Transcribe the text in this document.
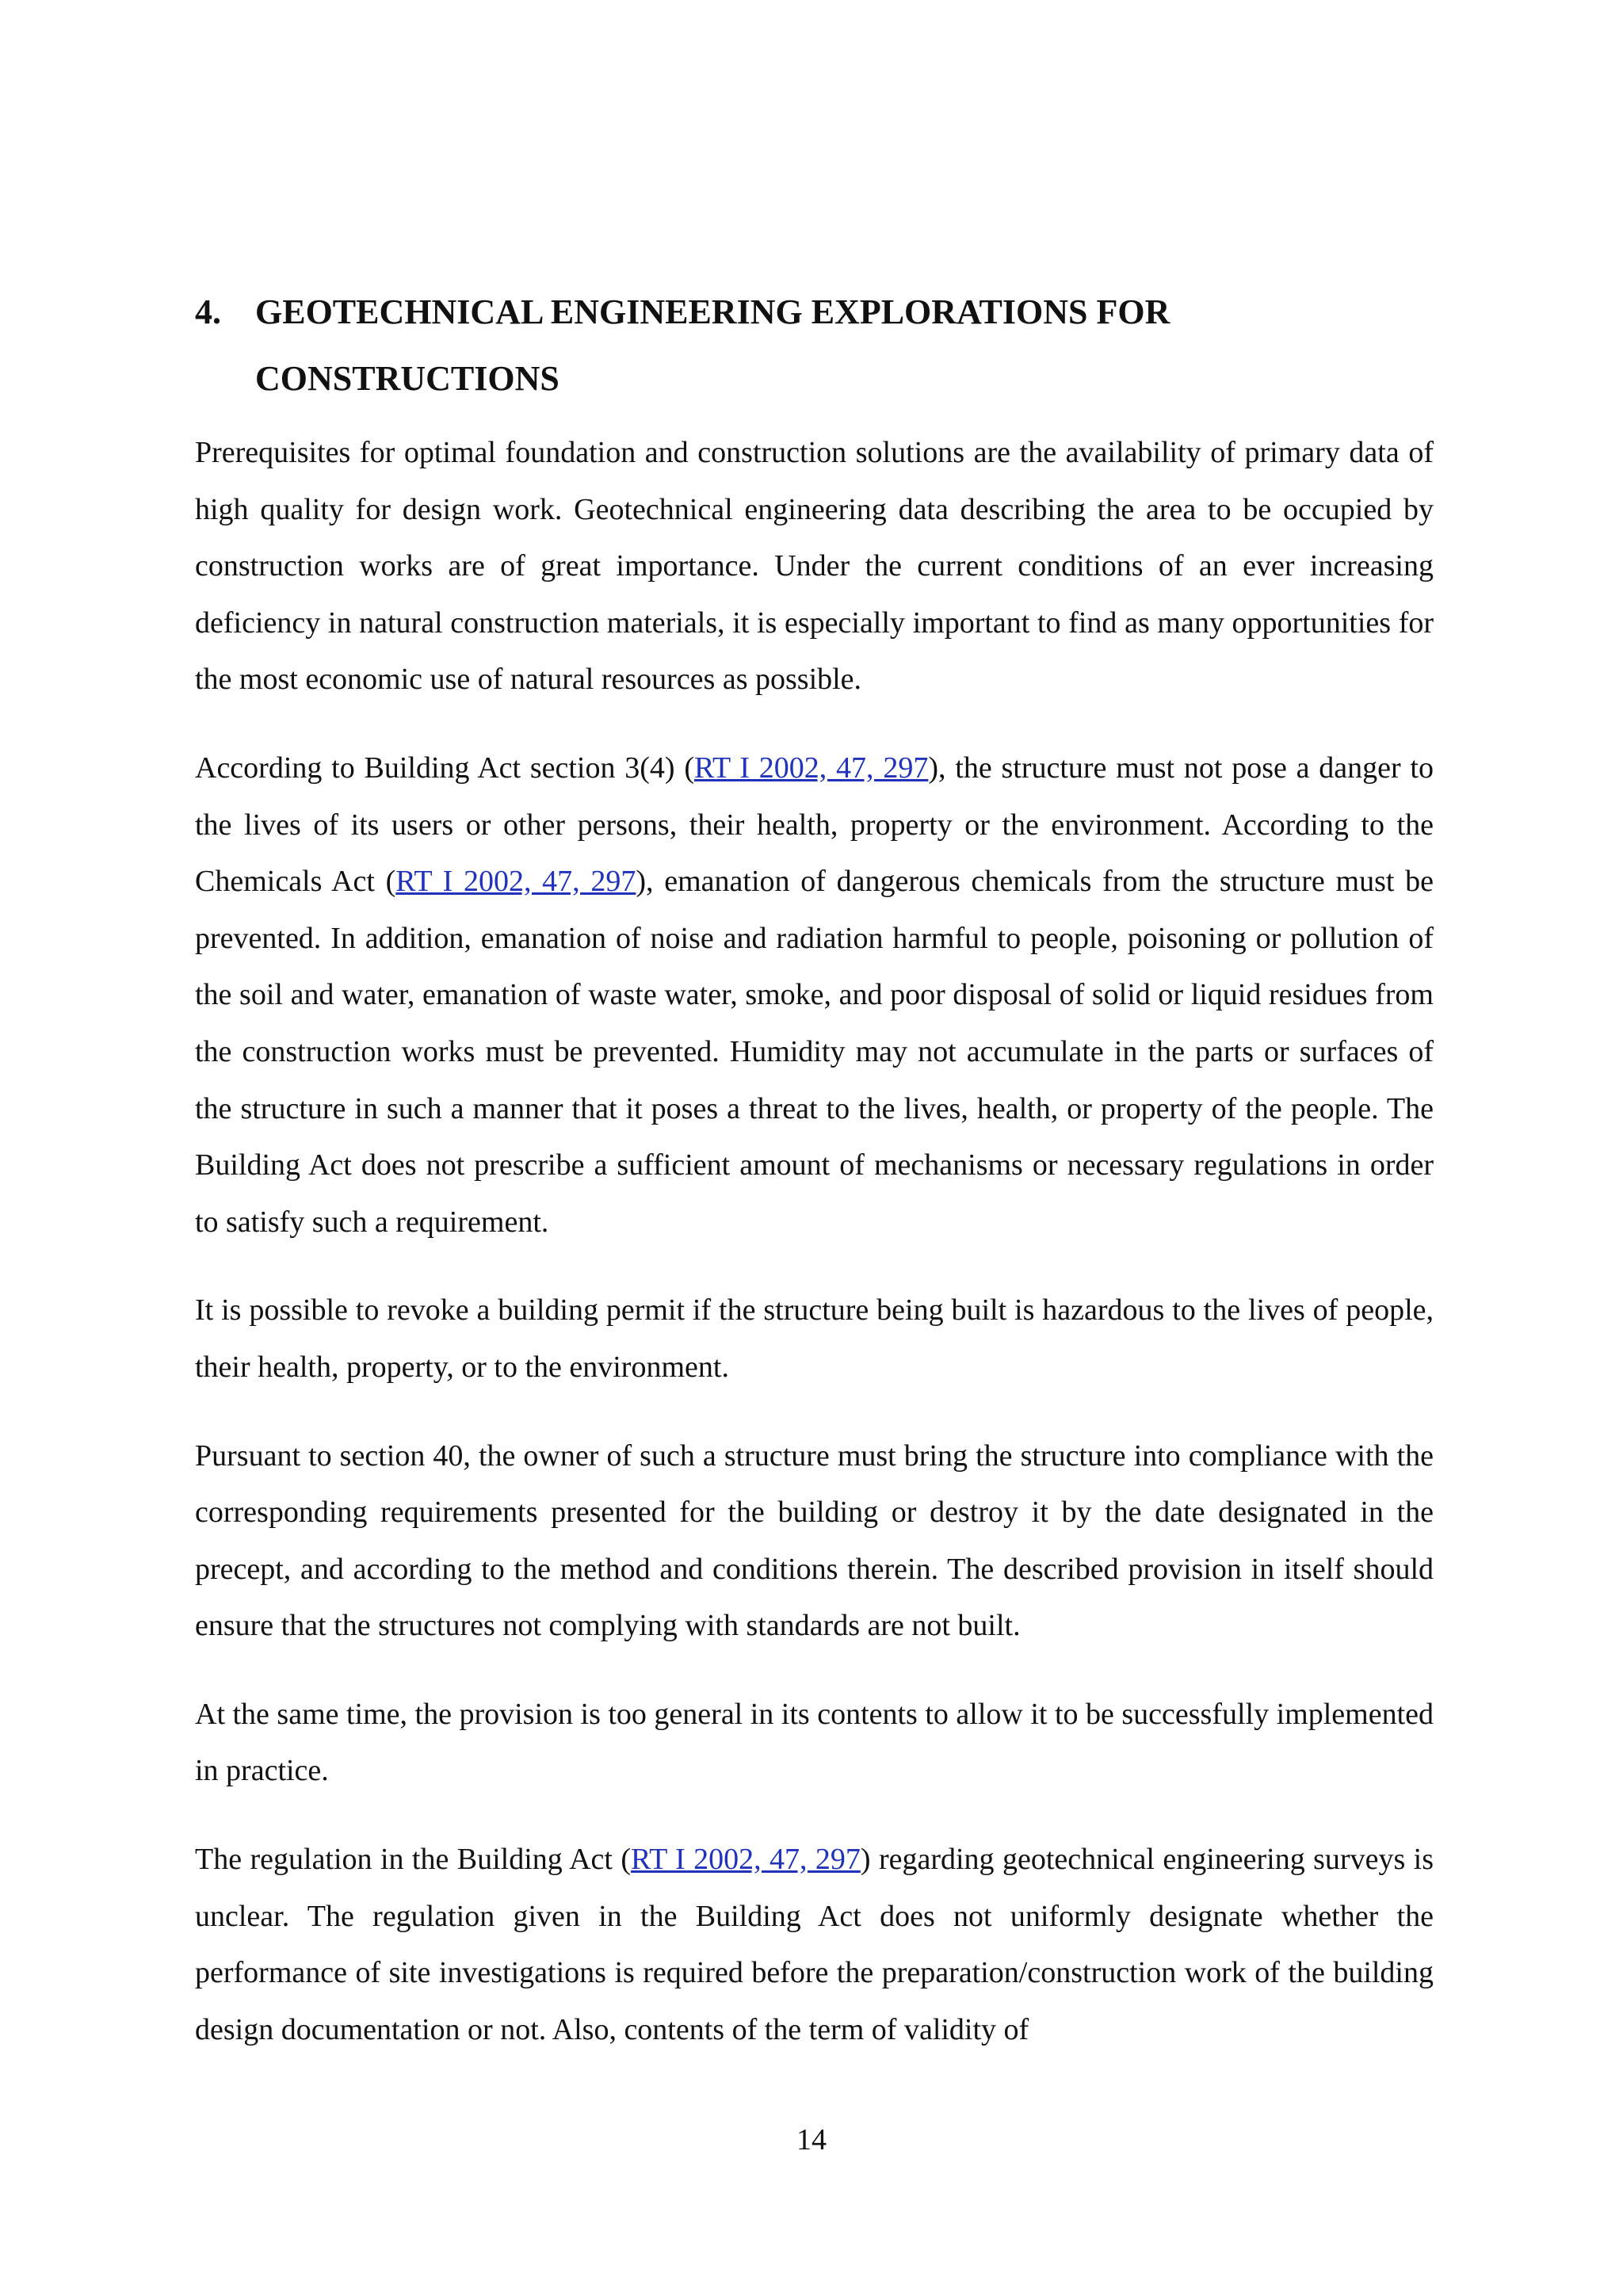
4. GEOTECHNICAL ENGINEERING EXPLORATIONS FOR CONSTRUCTIONS

Prerequisites for optimal foundation and construction solutions are the availability of primary data of high quality for design work. Geotechnical engineering data describing the area to be occupied by construction works are of great importance. Under the current conditions of an ever increasing deficiency in natural construction materials, it is especially important to find as many opportunities for the most economic use of natural resources as possible.

According to Building Act section 3(4) (RT I 2002, 47, 297), the structure must not pose a danger to the lives of its users or other persons, their health, property or the environment. According to the Chemicals Act (RT I 2002, 47, 297), emanation of dangerous chemicals from the structure must be prevented. In addition, emanation of noise and radiation harmful to people, poisoning or pollution of the soil and water, emanation of waste water, smoke, and poor disposal of solid or liquid residues from the construction works must be prevented. Humidity may not accumulate in the parts or surfaces of the structure in such a manner that it poses a threat to the lives, health, or property of the people. The Building Act does not prescribe a sufficient amount of mechanisms or necessary regulations in order to satisfy such a requirement.

It is possible to revoke a building permit if the structure being built is hazardous to the lives of people, their health, property, or to the environment.

Pursuant to section 40, the owner of such a structure must bring the structure into compliance with the corresponding requirements presented for the building or destroy it by the date designated in the precept, and according to the method and conditions therein. The described provision in itself should ensure that the structures not complying with standards are not built.

At the same time, the provision is too general in its contents to allow it to be successfully implemented in practice.

The regulation in the Building Act (RT I 2002, 47, 297) regarding geotechnical engineering surveys is unclear. The regulation given in the Building Act does not uniformly designate whether the performance of site investigations is required before the preparation/construction work of the building design documentation or not. Also, contents of the term of validity of

14
